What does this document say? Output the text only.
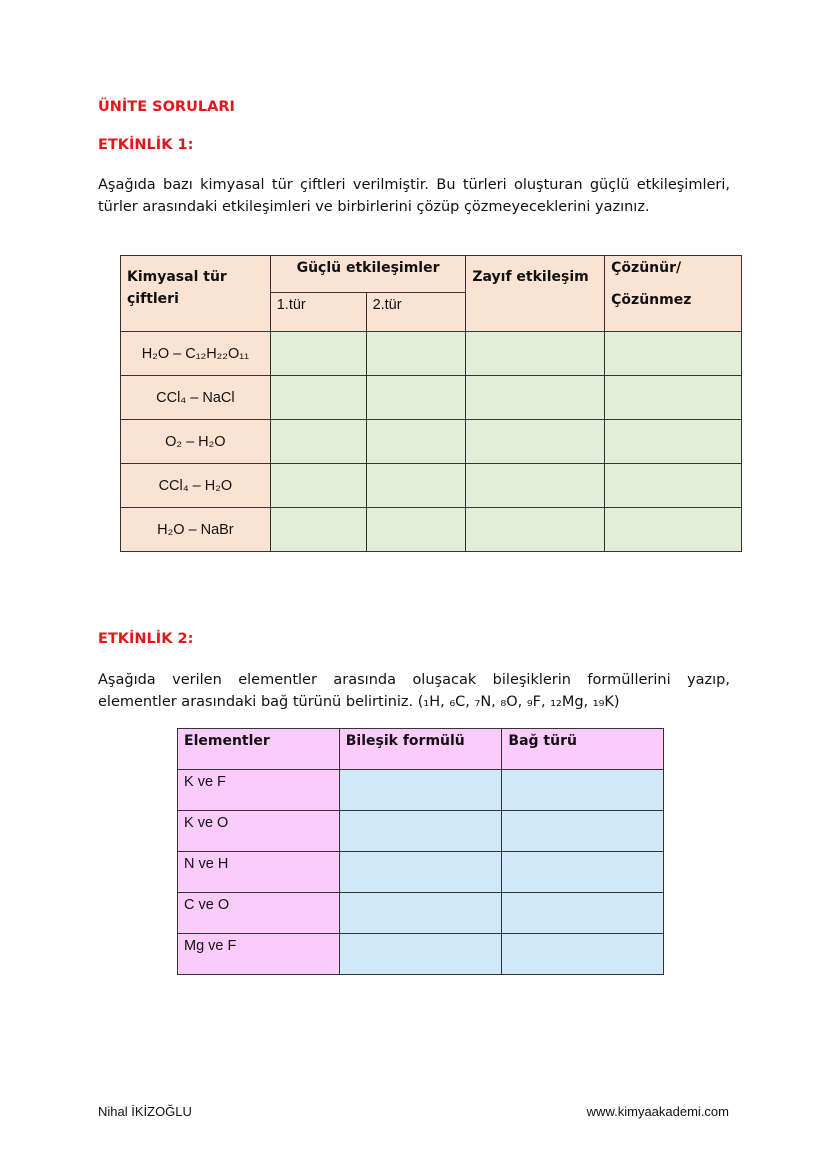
ÜNİTE SORULARI
ETKİNLİK 1:
Aşağıda bazı kimyasal tür çiftleri verilmiştir. Bu türleri oluşturan güçlü etkileşimleri, türler arasındaki etkileşimleri ve birbirlerini çözüp çözmeyeceklerini yazınız.
Kimyasal tür çiftleri	Güçlü etkileşimler		Zayıf etkileşim	Çözünür/
Çözünmez

	1.tür	2.tür		
H₂O – C₁₂H₂₂O₁₁				
CCl₄ – NaCl				
O₂ – H₂O				
CCl₄ – H₂O				
H₂O – NaBr				
ETKİNLİK 2:
Aşağıda verilen elementler arasında oluşacak bileşiklerin formüllerini yazıp, elementler arasındaki bağ türünü belirtiniz. (₁H, ₆C, ₇N, ₈O, ₉F, ₁₂Mg, ₁₉K)
Elementler	Bileşik formülü	Bağ türü
K ve F		
K ve O		
N ve H		
C ve O		
Mg ve F		
Nihal İKİZOĞLU	www.kimyaakademi.com
